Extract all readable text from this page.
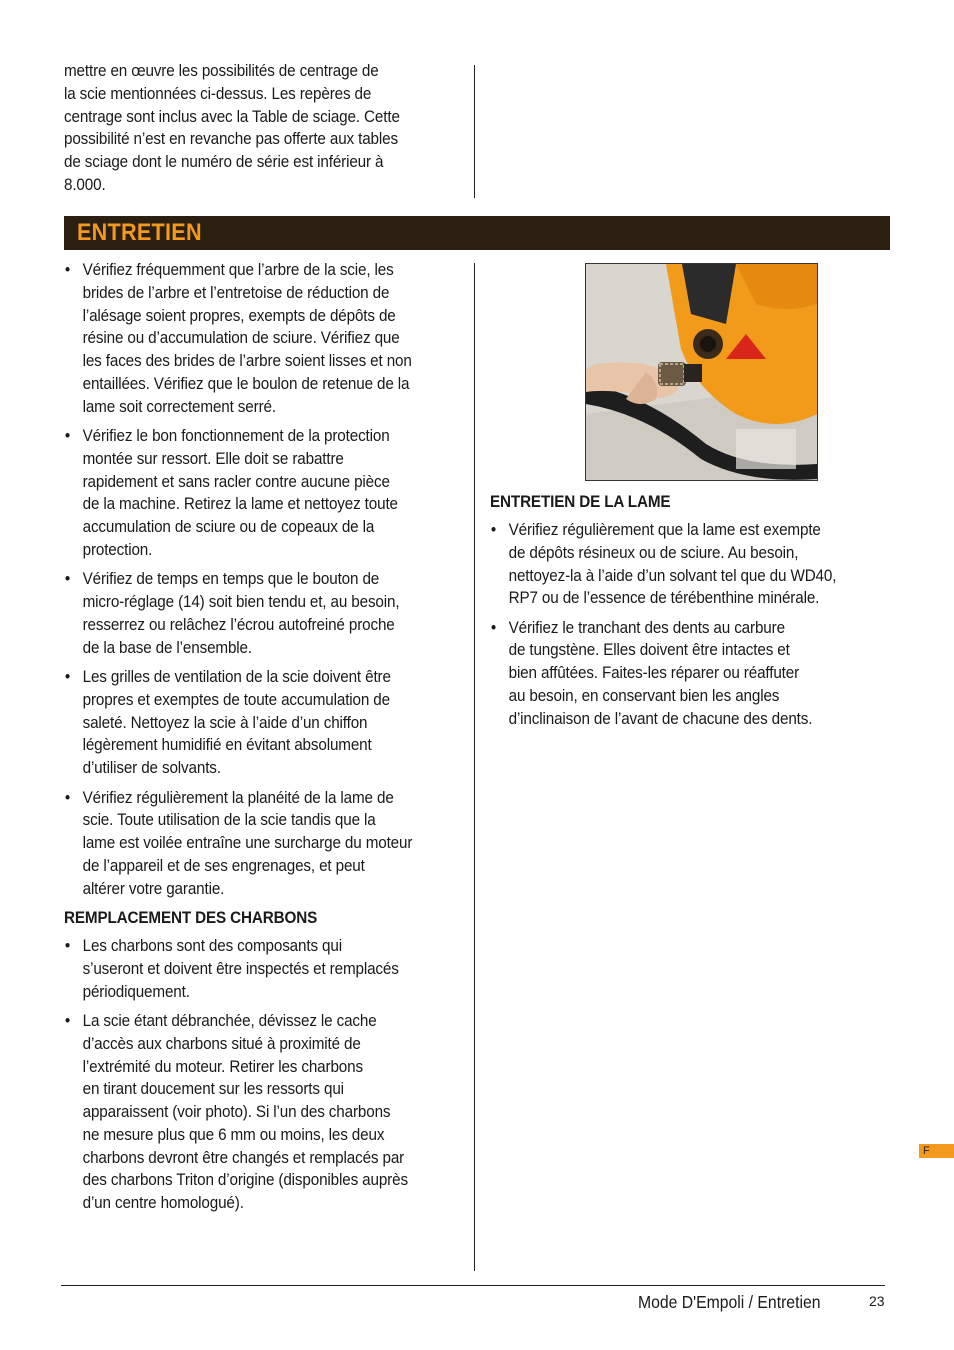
mettre en œuvre les possibilités de centrage de
la scie mentionnées ci-dessus. Les repères de
centrage sont inclus avec la Table de sciage. Cette
possibilité n’est en revanche pas offerte aux tables
de sciage dont le numéro de série est inférieur à
8.000.
ENTRETIEN
• Vérifiez fréquemment que l’arbre de la scie, les
brides de l’arbre et l’entretoise de réduction de
l’alésage soient propres, exempts de dépôts de
résine ou d’accumulation de sciure. Vérifiez que
les faces des brides de l’arbre soient lisses et non
entaillées. Vérifiez que le boulon de retenue de la
lame soit correctement serré.
• Vérifiez le bon fonctionnement de la protection
montée sur ressort. Elle doit se rabattre
rapidement et sans racler contre aucune pièce
de la machine. Retirez la lame et nettoyez toute
accumulation de sciure ou de copeaux de la
protection.
• Vérifiez de temps en temps que le bouton de
micro-réglage (14) soit bien tendu et, au besoin,
resserrez ou relâchez l’écrou autofreiné proche
de la base de l’ensemble.
• Les grilles de ventilation de la scie doivent être
propres et exemptes de toute accumulation de
saleté. Nettoyez la scie à l’aide d’un chiffon
légèrement humidifié en évitant absolument
d’utiliser de solvants.
• Vérifiez régulièrement la planéité de la lame de
scie. Toute utilisation de la scie tandis que la
lame est voilée entraîne une surcharge du moteur
de l’appareil et de ses engrenages, et peut
altérer votre garantie.
REMPLACEMENT DES CHARBONS
• Les charbons sont des composants qui
s’useront et doivent être inspectés et remplacés
périodiquement.
• La scie étant débranchée, dévissez le cache
d’accès aux charbons situé à proximité de
l’extrémité du moteur. Retirer les charbons
en tirant doucement sur les ressorts qui
apparaissent (voir photo). Si l’un des charbons
ne mesure plus que 6 mm ou moins, les deux
charbons devront être changés et remplacés par
des charbons Triton d’origine (disponibles auprès
d’un centre homologué).
ENTRETIEN DE LA LAME
• Vérifiez régulièrement que la lame est exempte
de dépôts résineux ou de sciure. Au besoin,
nettoyez-la à l’aide d’un solvant tel que du WD40,
RP7 ou de l’essence de térébenthine minérale.
• Vérifiez le tranchant des dents au carbure
de tungstène. Elles doivent être intactes et
bien affûtées. Faites-les réparer ou réaffuter
au besoin, en conservant bien les angles
d’inclinaison de l’avant de chacune des dents.
F
Mode D'Empoli / Entretien	23
